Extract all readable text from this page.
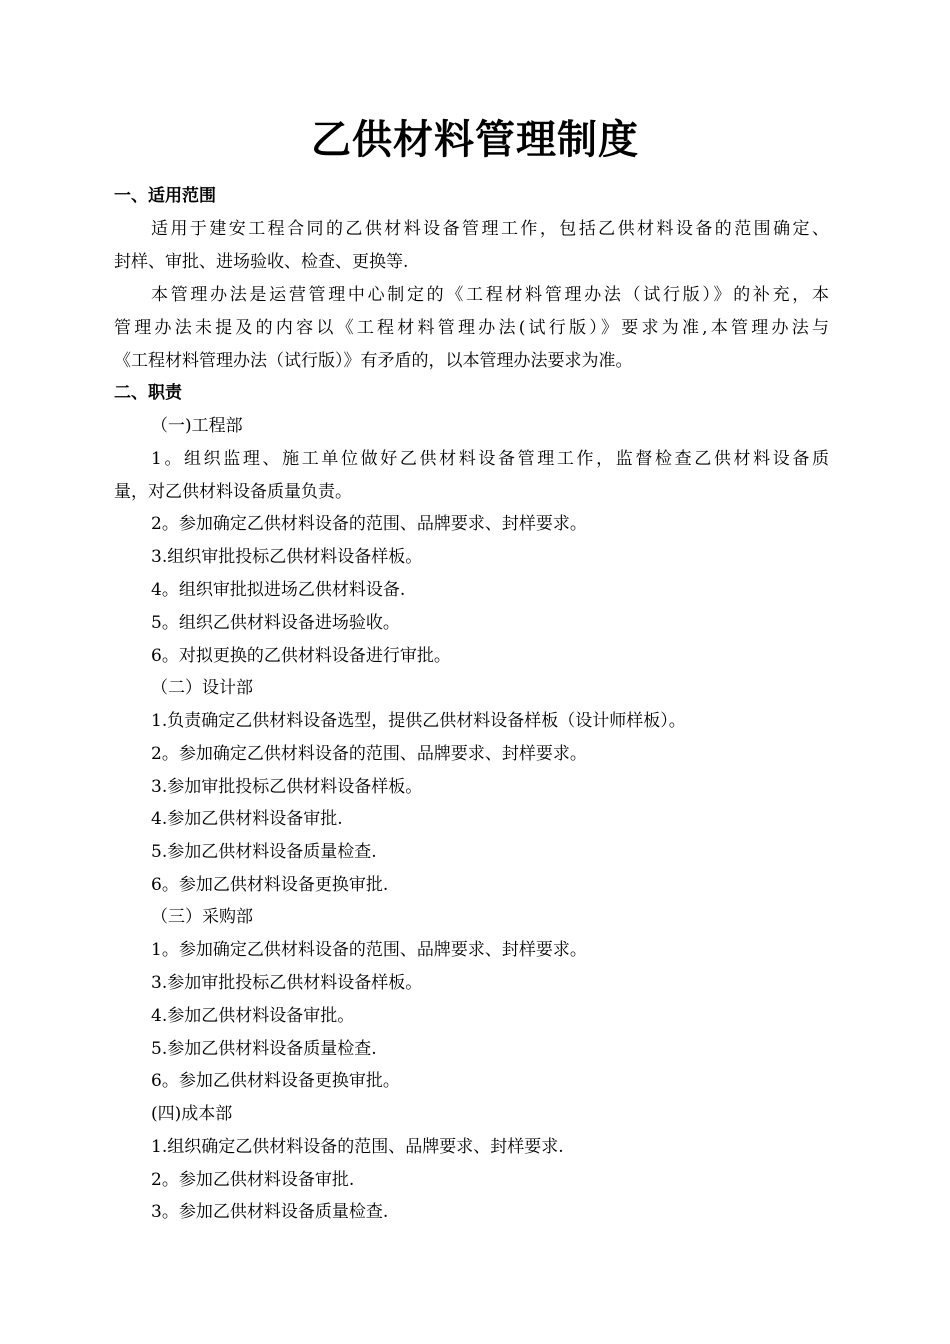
乙供材料管理制度
一、适用范围
适用于建安工程合同的乙供材料设备管理工作，包括乙供材料设备的范围确定、
封样、审批、进场验收、检查、更换等.
本管理办法是运营管理中心制定的《工程材料管理办法（试行版）》的补充，本
管理办法未提及的内容以《工程材料管理办法(试行版）》要求为准,本管理办法与
《工程材料管理办法（试行版）》有矛盾的，以本管理办法要求为准。
二、职责
（一)工程部
1。组织监理、施工单位做好乙供材料设备管理工作，监督检查乙供材料设备质
量，对乙供材料设备质量负责。
2。参加确定乙供材料设备的范围、品牌要求、封样要求。
3.组织审批投标乙供材料设备样板。
4。组织审批拟进场乙供材料设备.
5。组织乙供材料设备进场验收。
6。对拟更换的乙供材料设备进行审批。
（二）设计部
1.负责确定乙供材料设备选型，提供乙供材料设备样板（设计师样板）。
2。参加确定乙供材料设备的范围、品牌要求、封样要求。
3.参加审批投标乙供材料设备样板。
4.参加乙供材料设备审批.
5.参加乙供材料设备质量检查.
6。参加乙供材料设备更换审批.
（三）采购部
1。参加确定乙供材料设备的范围、品牌要求、封样要求。
3.参加审批投标乙供材料设备样板。
4.参加乙供材料设备审批。
5.参加乙供材料设备质量检查.
6。参加乙供材料设备更换审批。
(四)成本部
1.组织确定乙供材料设备的范围、品牌要求、封样要求.
2。参加乙供材料设备审批.
3。参加乙供材料设备质量检查.
